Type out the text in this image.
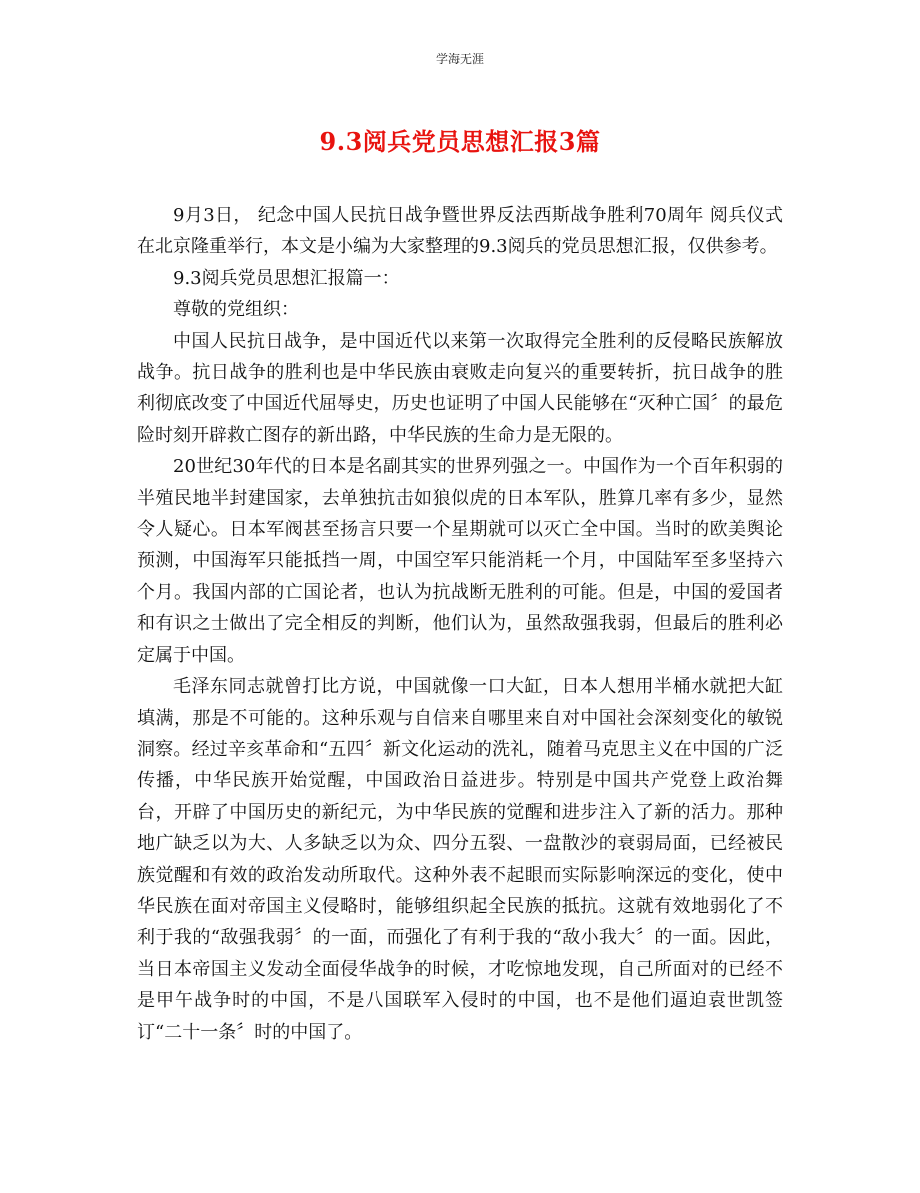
学海无涯
9.3阅兵党员思想汇报3篇

9月3日， 纪念中国人民抗日战争暨世界反法西斯战争胜利70周年 阅兵仪式在北京隆重举行，本文是小编为大家整理的9.3阅兵的党员思想汇报，仅供参考。

9.3阅兵党员思想汇报篇一：

尊敬的党组织：

中国人民抗日战争，是中国近代以来第一次取得完全胜利的反侵略民族解放战争。抗日战争的胜利也是中华民族由衰败走向复兴的重要转折，抗日战争的胜利彻底改变了中国近代屈辱史，历史也证明了中国人民能够在“灭种亡国〞的最危险时刻开辟救亡图存的新出路，中华民族的生命力是无限的。

20世纪30年代的日本是名副其实的世界列强之一。中国作为一个百年积弱的半殖民地半封建国家，去单独抗击如狼似虎的日本军队，胜算几率有多少，显然令人疑心。日本军阀甚至扬言只要一个星期就可以灭亡全中国。当时的欧美舆论预测，中国海军只能抵挡一周，中国空军只能消耗一个月，中国陆军至多坚持六个月。我国内部的亡国论者，也认为抗战断无胜利的可能。但是，中国的爱国者和有识之士做出了完全相反的判断，他们认为，虽然敌强我弱，但最后的胜利必定属于中国。

毛泽东同志就曾打比方说，中国就像一口大缸，日本人想用半桶水就把大缸填满，那是不可能的。这种乐观与自信来自哪里来自对中国社会深刻变化的敏锐洞察。经过辛亥革命和“五四〞新文化运动的洗礼，随着马克思主义在中国的广泛传播，中华民族开始觉醒，中国政治日益进步。特别是中国共产党登上政治舞台，开辟了中国历史的新纪元，为中华民族的觉醒和进步注入了新的活力。那种地广缺乏以为大、人多缺乏以为众、四分五裂、一盘散沙的衰弱局面，已经被民族觉醒和有效的政治发动所取代。这种外表不起眼而实际影响深远的变化，使中华民族在面对帝国主义侵略时，能够组织起全民族的抵抗。这就有效地弱化了不利于我的“敌强我弱〞的一面，而强化了有利于我的“敌小我大〞的一面。因此，当日本帝国主义发动全面侵华战争的时候，才吃惊地发现，自己所面对的已经不是甲午战争时的中国，不是八国联军入侵时的中国，也不是他们逼迫袁世凯签订“二十一条〞时的中国了。
